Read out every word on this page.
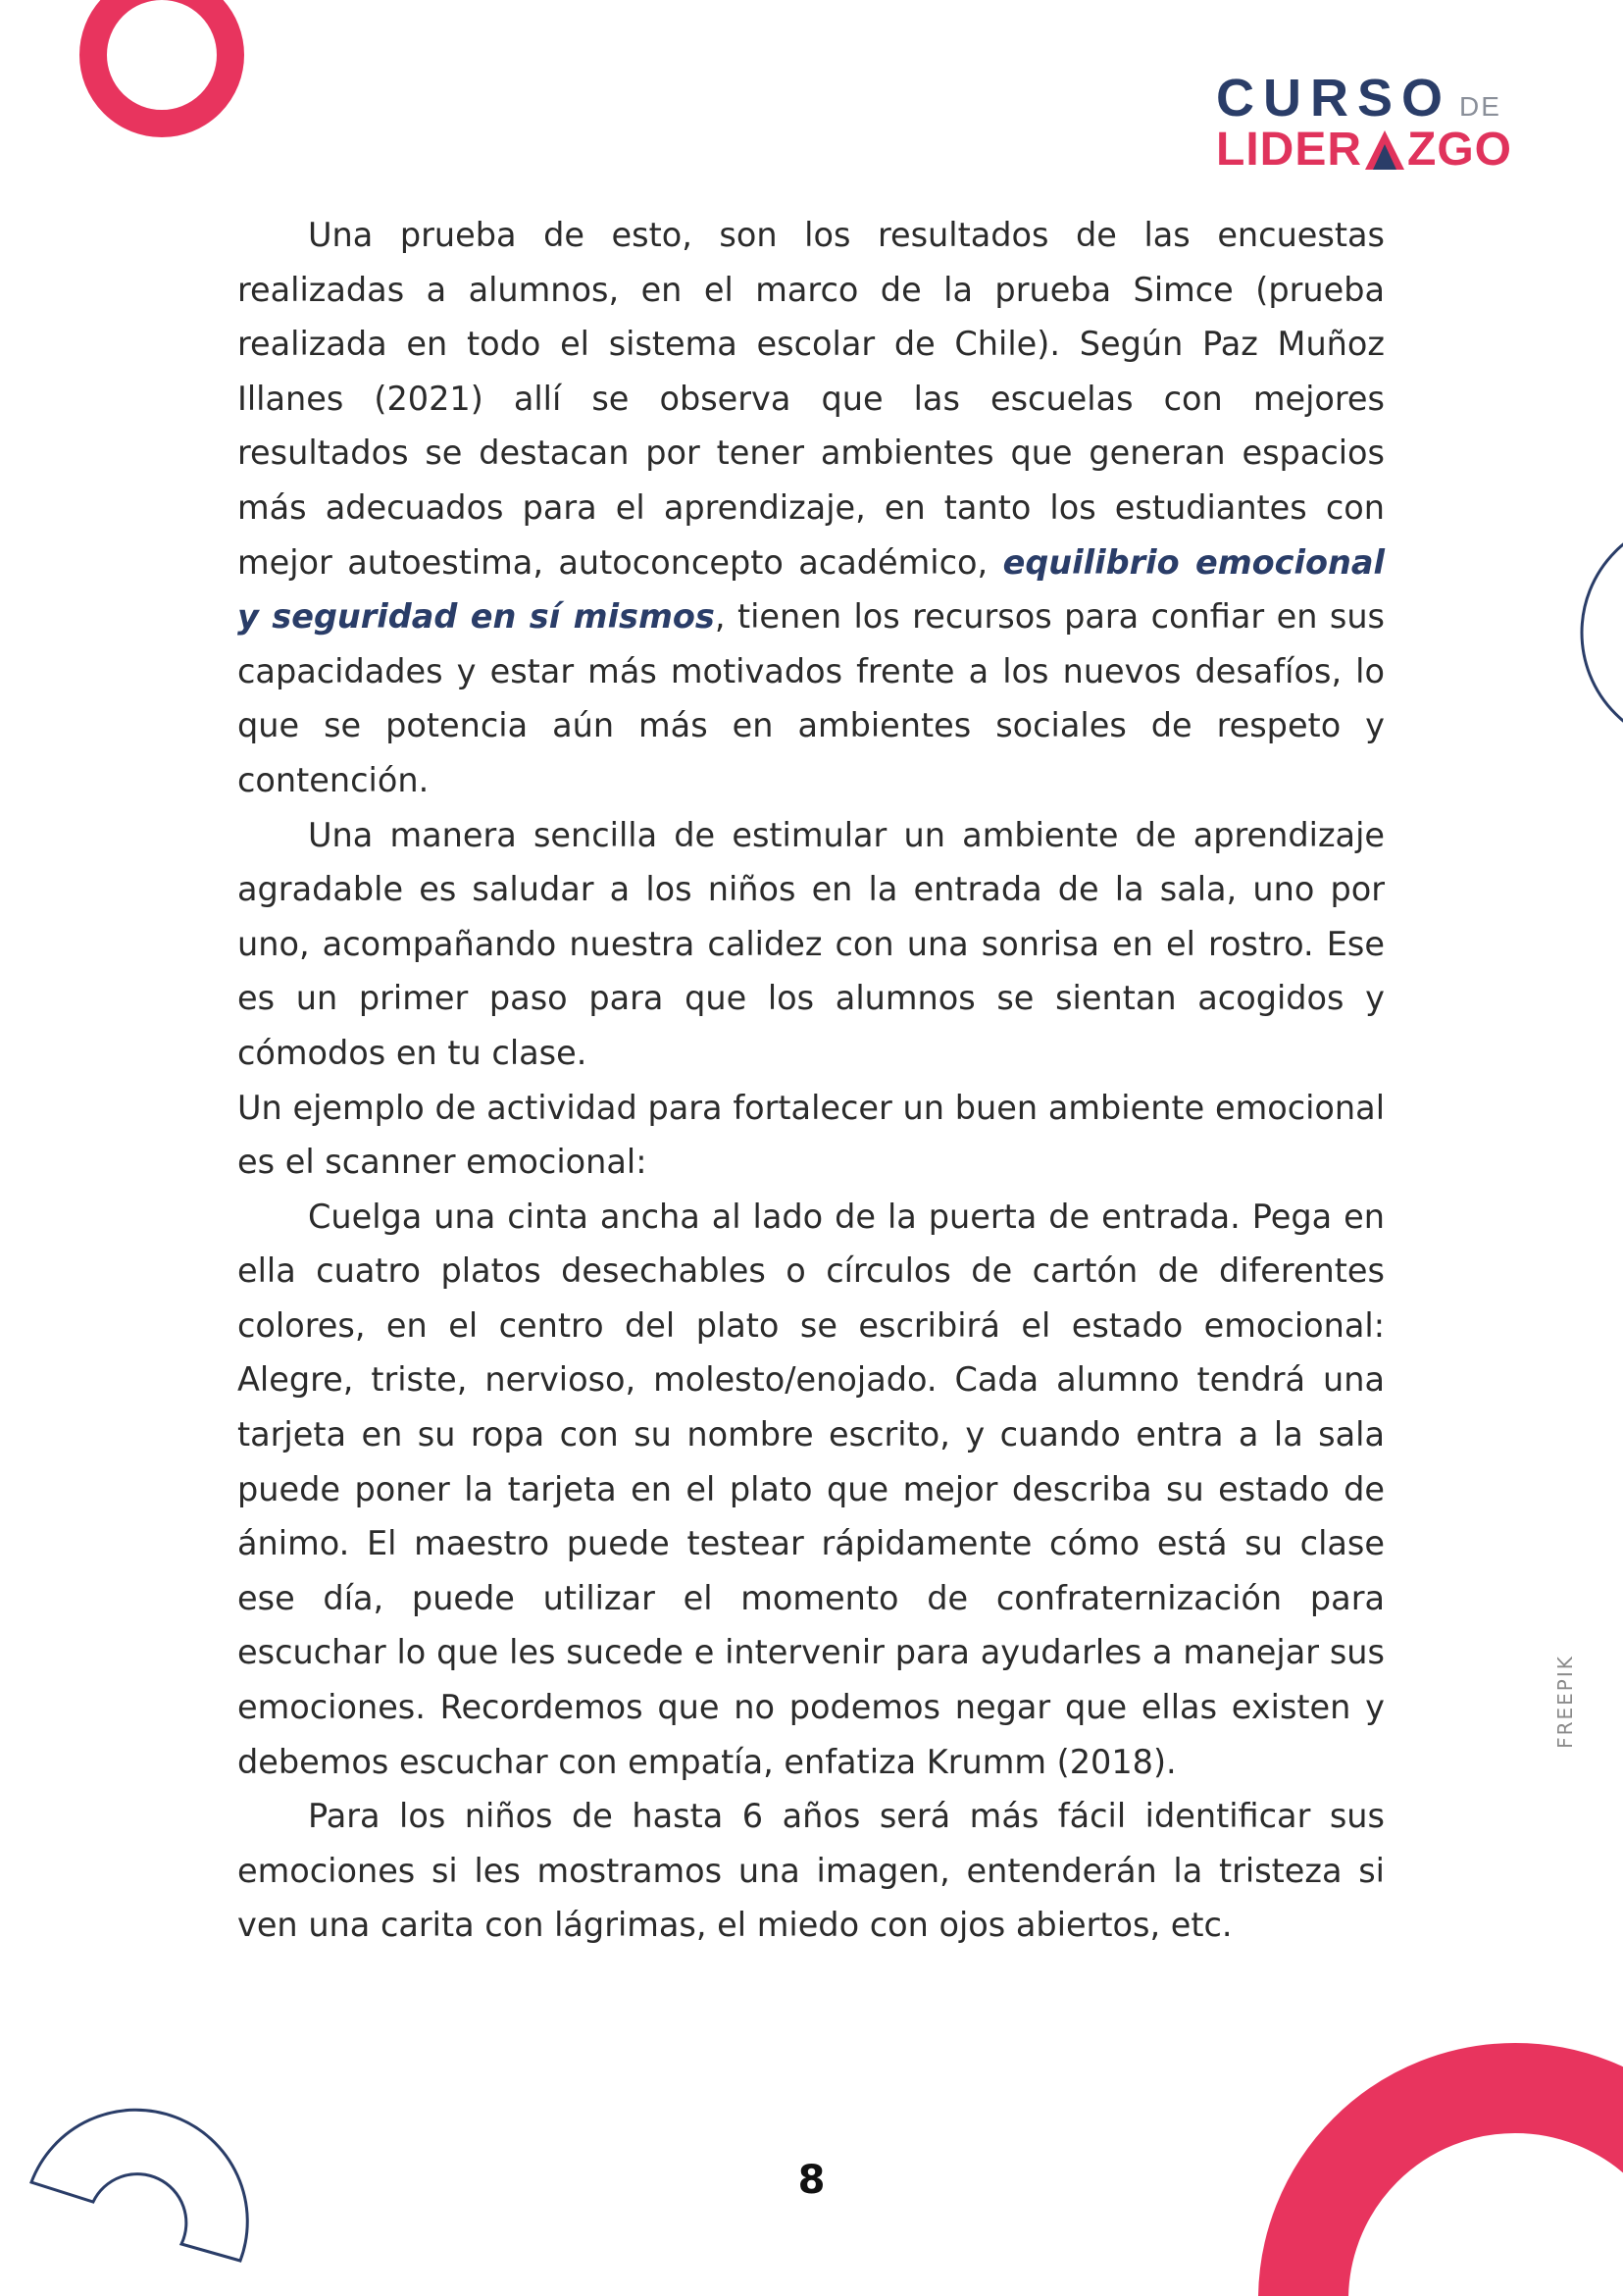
CURSO DE
LIDER ZGO

Una prueba de esto, son los resultados de las encuestas realizadas a alumnos, en el marco de la prueba Simce (prueba realizada en todo el sistema escolar de Chile). Según Paz Muñoz Illanes (2021) allí se observa que las escuelas con mejores resultados se destacan por tener ambientes que generan espacios más adecuados para el aprendizaje, en tanto los estudiantes con mejor autoestima, autoconcepto académico, equilibrio emocional y seguridad en sí mismos, tienen los recursos para confiar en sus capacidades y estar más motivados frente a los nuevos desafíos, lo que se potencia aún más en ambientes sociales de respeto y contención.

Una manera sencilla de estimular un ambiente de aprendizaje agradable es saludar a los niños en la entrada de la sala, uno por uno, acompañando nuestra calidez con una sonrisa en el rostro. Ese es un primer paso para que los alumnos se sientan acogidos y cómodos en tu clase.

Un ejemplo de actividad para fortalecer un buen ambiente emocional es el scanner emocional:

Cuelga una cinta ancha al lado de la puerta de entrada. Pega en ella cuatro platos desechables o círculos de cartón de diferentes colores, en el centro del plato se escribirá el estado emocional: Alegre, triste, nervioso, molesto/enojado. Cada alumno tendrá una tarjeta en su ropa con su nombre escrito, y cuando entra a la sala puede poner la tarjeta en el plato que mejor describa su estado de ánimo. El maestro puede testear rápidamente cómo está su clase ese día, puede utilizar el momento de confraternización para escuchar lo que les sucede e intervenir para ayudarles a manejar sus emociones. Recordemos que no podemos negar que ellas existen y debemos escuchar con empatía, enfatiza Krumm (2018).

Para los niños de hasta 6 años será más fácil identificar sus emociones si les mostramos una imagen, entenderán la tristeza si ven una carita con lágrimas, el miedo con ojos abiertos, etc.

FREEPIK
8
